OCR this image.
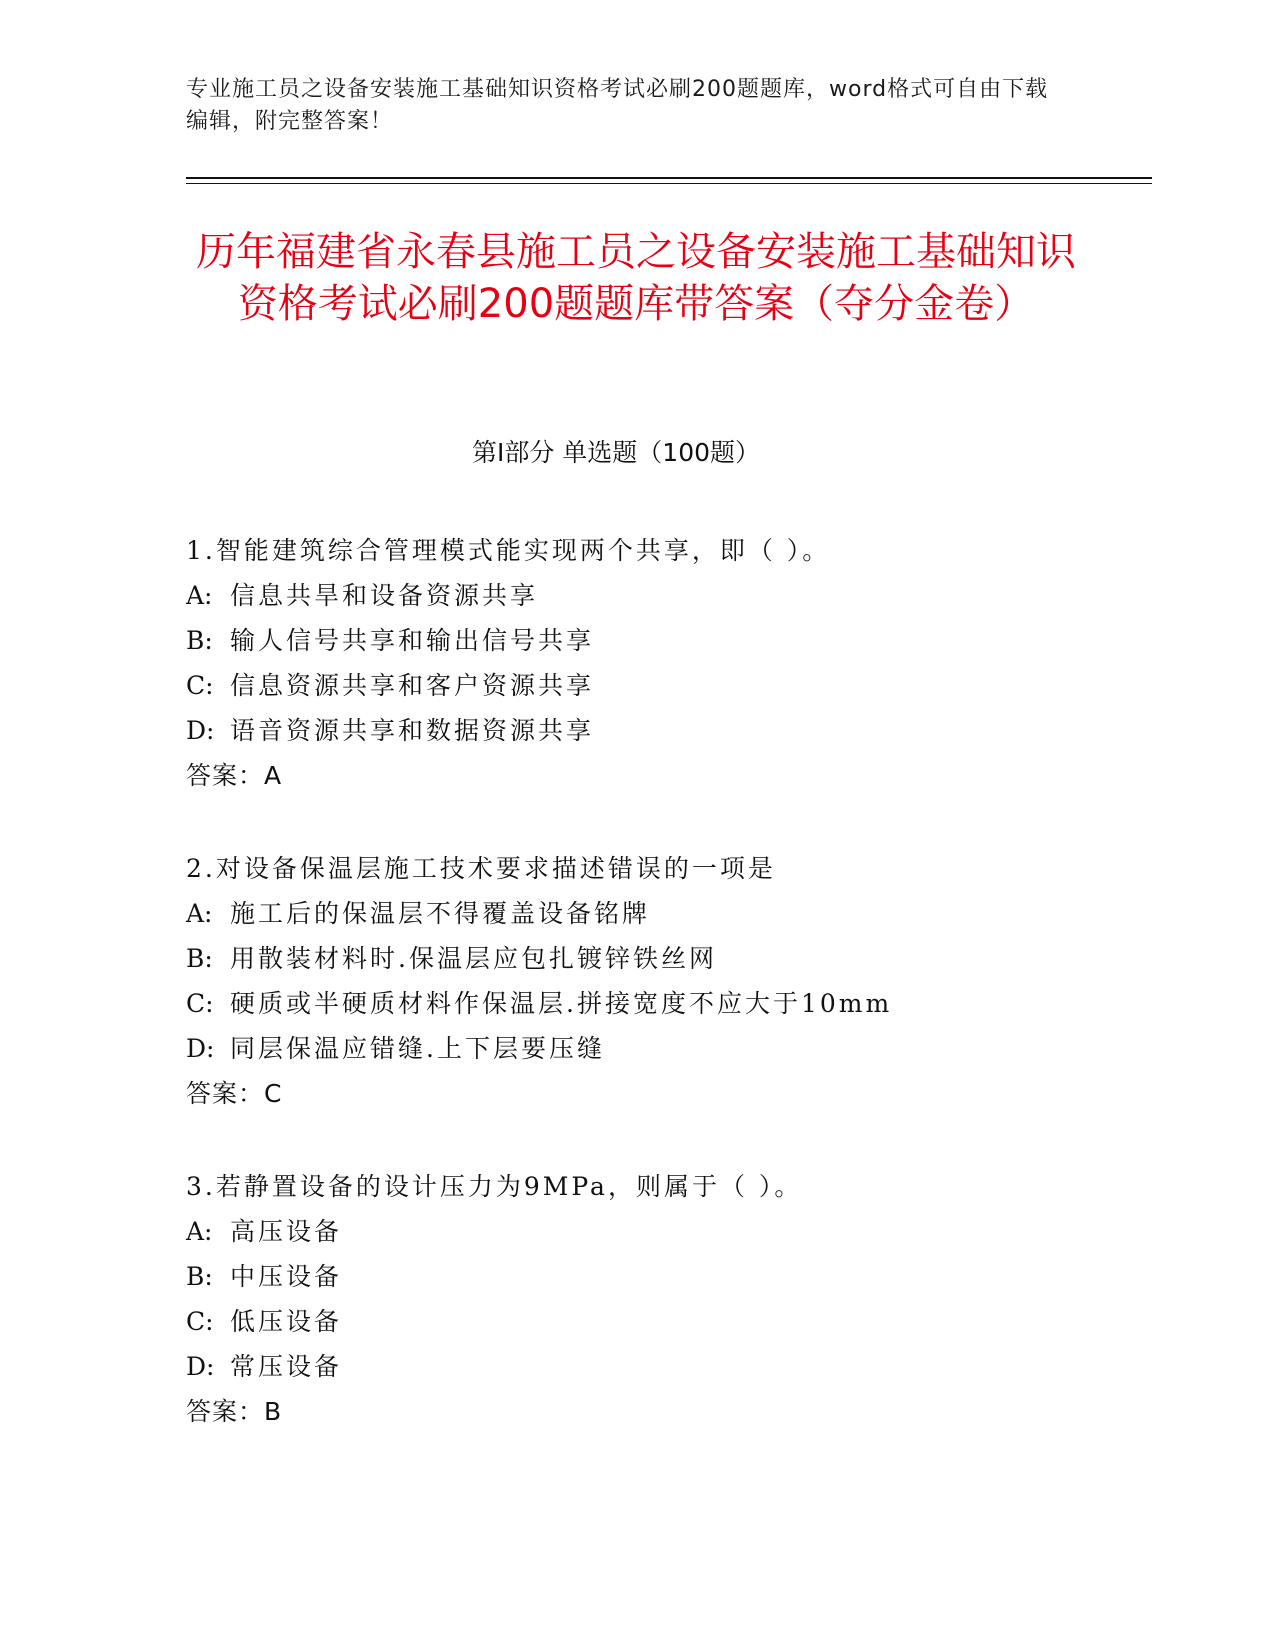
专业施工员之设备安装施工基础知识资格考试必刷200题题库，word格式可自由下载编辑，附完整答案！
历年福建省永春县施工员之设备安装施工基础知识资格考试必刷200题题库带答案（夺分金卷）
第Ⅰ部分 单选题（100题）
1.智能建筑综合管理模式能实现两个共享，即（ ）。
A: 信息共旱和设备资源共享
B: 输人信号共享和输出信号共享
C: 信息资源共享和客户资源共享
D: 语音资源共享和数据资源共享
答案：A
2.对设备保温层施工技术要求描述错误的一项是
A: 施工后的保温层不得覆盖设备铭牌
B: 用散装材料时.保温层应包扎镀锌铁丝网
C: 硬质或半硬质材料作保温层.拼接宽度不应大于10mm
D: 同层保温应错缝.上下层要压缝
答案：C
3.若静置设备的设计压力为9MPa，则属于（ ）。
A: 高压设备
B: 中压设备
C: 低压设备
D: 常压设备
答案：B
